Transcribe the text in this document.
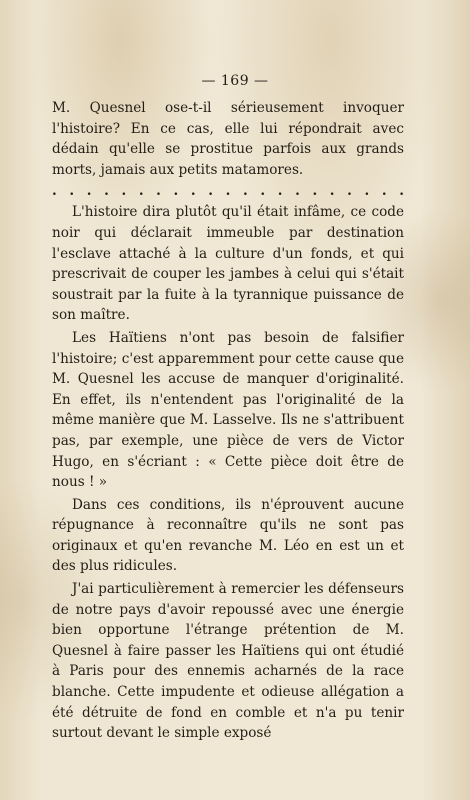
— 169 —

M. Quesnel ose-t-il sérieusement invoquer l'histoire? En ce cas, elle lui répondrait avec dédain qu'elle se prostitue parfois aux grands morts, jamais aux petits matamores.

. . . . . . . . . . . . . . . . . . . . .

L'histoire dira plutôt qu'il était infâme, ce code noir qui déclarait immeuble par destination l'esclave attaché à la culture d'un fonds, et qui prescrivait de couper les jambes à celui qui s'était soustrait par la fuite à la tyrannique puissance de son maître.

Les Haïtiens n'ont pas besoin de falsifier l'histoire; c'est apparemment pour cette cause que M. Quesnel les accuse de manquer d'originalité. En effet, ils n'entendent pas l'originalité de la même manière que M. Lasselve. Ils ne s'attribuent pas, par exemple, une pièce de vers de Victor Hugo, en s'écriant : « Cette pièce doit être de nous ! »

Dans ces conditions, ils n'éprouvent aucune répugnance à reconnaître qu'ils ne sont pas originaux et qu'en revanche M. Léo en est un et des plus ridicules.

J'ai particulièrement à remercier les défenseurs de notre pays d'avoir repoussé avec une énergie bien opportune l'étrange prétention de M. Quesnel à faire passer les Haïtiens qui ont étudié à Paris pour des ennemis acharnés de la race blanche. Cette impudente et odieuse allégation a été détruite de fond en comble et n'a pu tenir surtout devant le simple exposé
